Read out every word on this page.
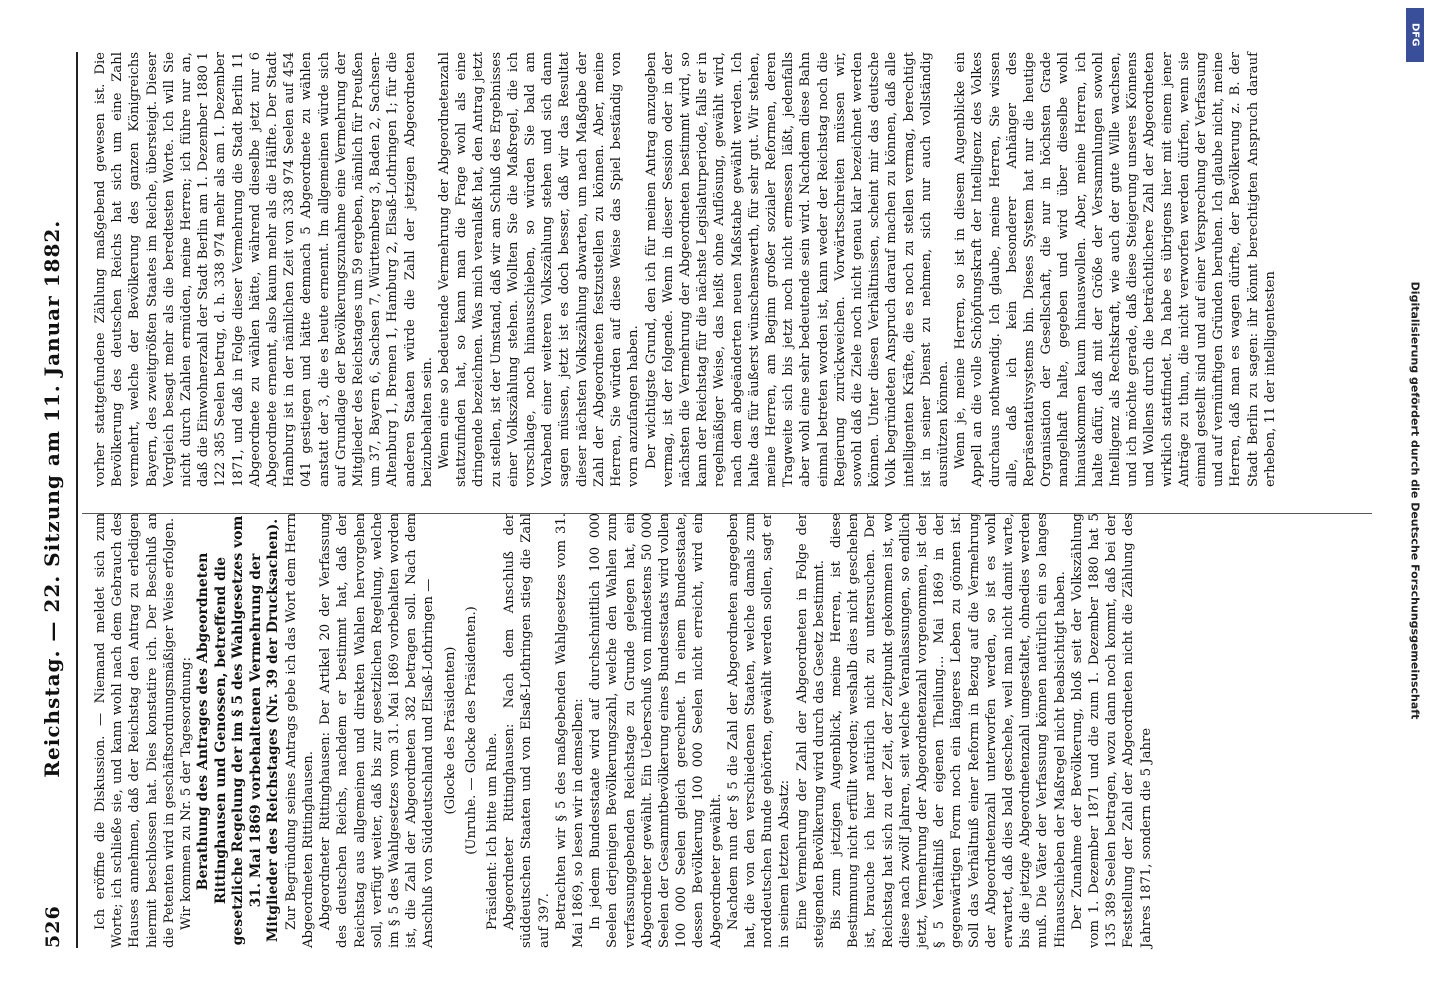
526
Reichstag. — 22. Sitzung am 11. Januar 1882. Ich eröffne die Diskussion. — Niemand meldet sich zum Worte; ich schließe sie, und kann wohl nach dem Gebrauch des Hauses annehmen, daß der Reichstag den Antrag zu erledigen hiermit beschlossen hat. Dies konstatire ich. Der Beschluß an die Petenten wird in geschäftsordnungsmäßiger Weise erfolgen. Wir kommen zu Nr. 5 der Tagesordnung: Berathung des Antrages des Abgeordneten Rittinghausen und Genossen, betreffend die gesetzliche Regelung der im § 5 des Wahlgesetzes vom 31. Mai 1869 vorbehaltenen Vermehrung der Mitglieder des Reichstages (Nr. 39 der Drucksachen). Zur Begründung seines Antrags gebe ich das Wort dem Herrn Abgeordneten Rittinghausen. Abgeordneter Rittinghausen: Der Artikel 20 der Verfassung des deutschen Reichs, nachdem er bestimmt hat, daß der Reichstag aus allgemeinen und direkten Wahlen hervorgehen soll, verfügt weiter, daß bis zur gesetzlichen Regelung, welche im § 5 des Wahlgesetzes vom 31. Mai 1869 vorbehalten worden ist, die Zahl der Abgeordneten 382 betragen soll. Nach dem Anschluß von Süddeutschland und Elsaß-Lothringen — (Glocke des Präsidenten) (Unruhe. — Glocke des Präsidenten.) Präsident: Ich bitte um Ruhe. Abgeordneter Rittinghausen: Nach dem Anschluß der süddeutschen Staaten und von Elsaß-Lothringen stieg die Zahl auf 397. Betrachten wir § 5 des maßgebenden Wahlgesetzes vom 31. Mai 1869, so lesen wir in demselben: In jedem Bundesstaate wird auf durchschnittlich 100 000 Seelen derjenigen Bevölkerungszahl, welche den Wahlen zum verfassunggebenden Reichstage zu Grunde gelegen hat, ein Abgeordneter gewählt. Ein Ueberschuß von mindestens 50 000 Seelen der Gesammtbevölkerung eines Bundesstaats wird vollen 100 000 Seelen gleich gerechnet. In einem Bundesstaate, dessen Bevölkerung 100 000 Seelen nicht erreicht, wird ein Abgeordneter gewählt. Nachdem nun der § 5 die Zahl der Abgeordneten angegeben hat, die von den verschiedenen Staaten, welche damals zum norddeutschen Bunde gehörten, gewählt werden sollen, sagt er in seinem letzten Absatz: Eine Vermehrung der Zahl der Abgeordneten in Folge der steigenden Bevölkerung wird durch das Gesetz bestimmt. Bis zum jetzigen Augenblick, meine Herren, ist diese Bestimmung nicht erfüllt worden; weshalb dies nicht geschehen ist, brauche ich hier natürlich nicht zu untersuchen. Der Reichstag hat sich zu der Zeit, der Zeitpunkt gekommen ist, wo diese nach zwölf Jahren, seit welche Veranlassungen, so endlich jetzt, Vermehrung der Abgeordnetenzahl vorgenommen, ist der § 5 Verhältniß der eigenen Theilung... Mai 1869 in der gegenwärtigen Form noch ein längeres Leben zu gönnen ist. Soll das Verhältniß einer Reform in Bezug auf die Vermehrung der Abgeordnetenzahl unterworfen werden, so ist es wohl erwartet, daß dies bald geschehe, weil man nicht damit warte, bis die jetzige Abgeordnetenzahl umgestaltet, ohnedies werden muß. Die Väter der Verfassung können natürlich ein so langes Hinausschieben der Maßregel nicht beabsichtigt haben. Der Zunahme der Bevölkerung, bloß seit der Volkszählung vom 1. Dezember 1871 und die zum 1. Dezember 1880 hat 5 135 389 Seelen betragen, wozu dann noch kommt, daß bei der Feststellung der Zahl der Abgeordneten nicht die Zählung des Jahres 1871, sondern die 5 Jahre

vorher stattgefundene Zählung maßgebend gewesen ist. Die Bevölkerung des deutschen Reichs hat sich um eine Zahl vermehrt, welche der Bevölkerung des ganzen Königreichs Bayern, des zweitgrößten Staates im Reiche, übersteigt. Dieser Vergleich besagt mehr als die beredtesten Worte. Ich will Sie nicht durch Zahlen ermüden, meine Herren; ich führe nur an, daß die Einwohnerzahl der Stadt Berlin am 1. Dezember 1880 1 122 385 Seelen betrug, d. h. 338 974 mehr als am 1. Dezember 1871, und daß in Folge dieser Vermehrung die Stadt Berlin 11 Abgeordnete zu wählen hätte, während dieselbe jetzt nur 6 Abgeordnete ernennt, also kaum mehr als die Hälfte. Der Stadt Hamburg ist in der nämlichen Zeit von 338 974 Seelen auf 454 041 gestiegen und hätte demnach 5 Abgeordnete zu wählen anstatt der 3, die es heute ernennt. Im allgemeinen würde sich auf Grundlage der Bevölkerungszunahme eine Vermehrung der Mitglieder des Reichstages um 59 ergeben, nämlich für Preußen um 37, Bayern 6, Sachsen 7, Württemberg 3, Baden 2, Sachsen-Altenburg 1, Bremen 1, Hamburg 2, Elsaß-Lothringen 1; für die anderen Staaten würde die Zahl der jetzigen Abgeordneten beizubehalten sein. Wenn eine so bedeutende Vermehrung der Abgeordnetenzahl stattzufinden hat, so kann man die Frage wohl als eine dringende bezeichnen. Was mich veranlaßt hat, den Antrag jetzt zu stellen, ist der Umstand, daß wir am Schluß des Ergebnisses einer Volkszählung stehen. Wollten Sie die Maßregel, die ich vorschlage, noch hinausschieben, so würden Sie bald am Vorabend einer weiteren Volkszählung stehen und sich dann sagen müssen, jetzt ist es doch besser, daß wir das Resultat dieser nächsten Volkszählung abwarten, um nach Maßgabe der Zahl der Abgeordneten festzustellen zu können. Aber, meine Herren, Sie würden auf diese Weise das Spiel beständig von vorn anzufangen haben. Der wichtigste Grund, den ich für meinen Antrag anzugeben vermag, ist der folgende. Wenn in dieser Session oder in der nächsten die Vermehrung der Abgeordneten bestimmt wird, so kann der Reichstag für die nächste Legislaturperiode, falls er in regelmäßiger Weise, das heißt ohne Auflösung, gewählt wird, nach dem abgeänderten neuen Maßstabe gewählt werden. Ich halte das für äußerst wünschenswerth, für sehr gut. Wir stehen, meine Herren, am Beginn großer sozialer Reformen, deren Tragweite sich bis jetzt noch nicht ermessen läßt, jedenfalls aber wohl eine sehr bedeutende sein wird. Nachdem diese Bahn einmal betreten worden ist, kann weder der Reichstag noch die Regierung zurückweichen. Vorwärtsschreiten müssen wir, sowohl daß die Ziele noch nicht genau klar bezeichnet werden können. Unter diesen Verhältnissen, scheint mir das deutsche Volk begründeten Anspruch darauf machen zu können, daß alle intelligenten Kräfte, die es noch zu stellen vermag, berechtigt ist in seiner Dienst zu nehmen, sich nur auch vollständig ausnützen können. Wenn je, meine Herren, so ist in diesem Augenblicke ein Appell an die volle Schöpfungskraft der Intelligenz des Volkes durchaus nothwendig. Ich glaube, meine Herren, Sie wissen alle, daß ich kein besonderer Anhänger des Repräsentativsystems bin. Dieses System hat nur die heutige Organisation der Gesellschaft, die nur in höchsten Grade mangelhaft halte, gegeben und wird über dieselbe wohl hinauskommen kaum hinauswollen. Aber, meine Herren, ich halte dafür, daß mit der Größe der Versammlungen sowohl Intelligenz als Rechtskraft, wie auch der gute Wille wachsen, und ich möchte gerade, daß diese Steigerung unseres Könnens und Wollens durch die beträchtlichere Zahl der Abgeordneten wirklich stattfindet. Da habe es übrigens hier mit einem jener Anträge zu thun, die nicht verworfen werden dürfen, wenn sie einmal gestellt sind und auf einer Versprechung der Verfassung und auf vernünftigen Gründen beruhen. Ich glaube nicht, meine Herren, daß man es wagen dürfte, der Bevölkerung z. B. der Stadt Berlin zu sagen: ihr könnt berechtigten Anspruch darauf erheben, 11 der intelligentesten	Digitalisierung gefördert durch die Deutsche Forschungsgemeinschaft
DFG
